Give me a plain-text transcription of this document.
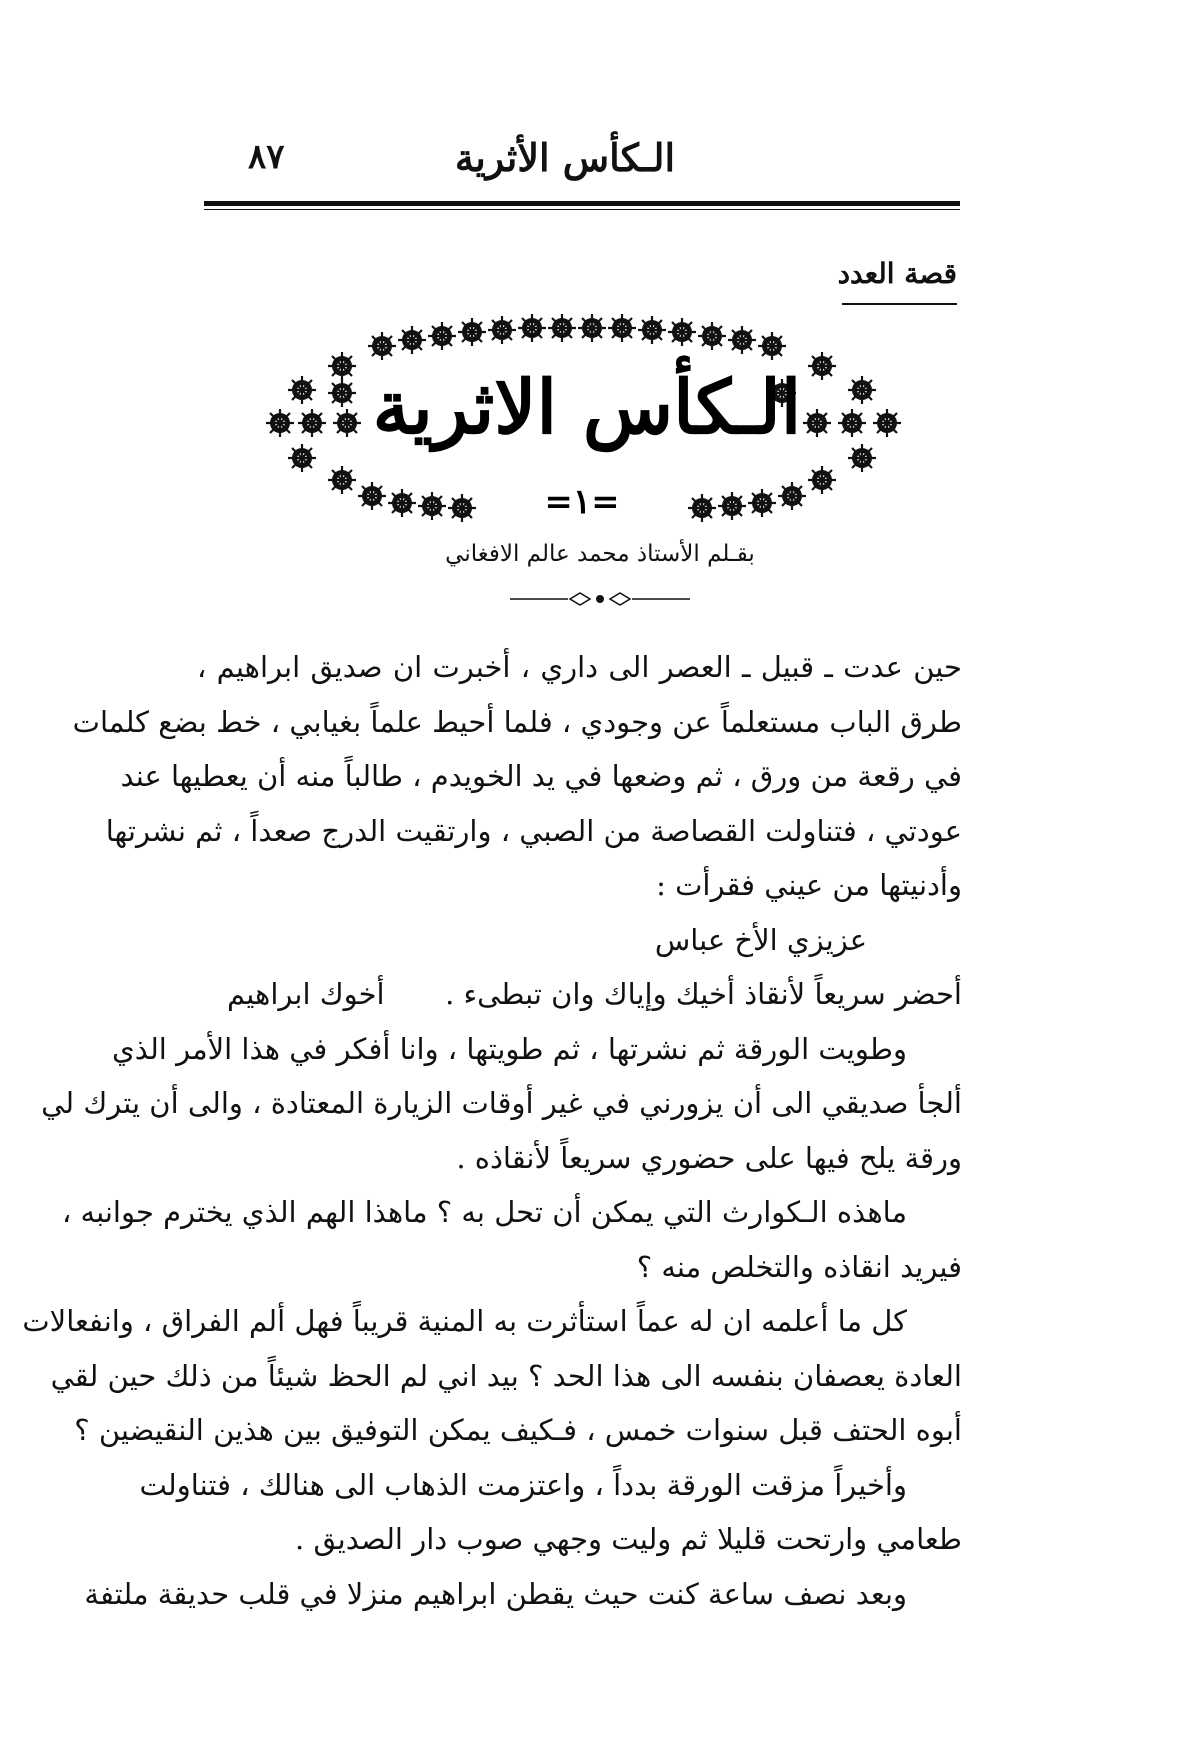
الـكأس الأثرية
٨٧
قصة العدد
الـكأس الاثرية
=١=
بقـلم الأستاذ محمد عالم الافغاني
حين عدت ـ قبيل ـ العصر الى داري ، أخبرت ان صديق ابراهيم ،
طرق الباب مستعلماً عن وجودي ، فلما أحيط علماً بغيابي ، خط بضع كلمات
في رقعة من ورق ، ثم وضعها في يد الخويدم ، طالباً منه أن يعطيها عند
عودتي ، فتناولت القصاصة من الصبي ، وارتقيت الدرج صعداً ، ثم نشرتها
وأدنيتها من عيني فقرأت :
عزيزي الأخ عباس
أحضر سريعاً لأنقاذ أخيك وإياك وان تبطىء .
أخوك ابراهيم
وطويت الورقة ثم نشرتها ، ثم طويتها ، وانا أفكر في هذا الأمر الذي
ألجأ صديقي الى أن يزورني في غير أوقات الزيارة المعتادة ، والى أن يترك لي
ورقة يلح فيها على حضوري سريعاً لأنقاذه .
ماهذه الـكوارث التي يمكن أن تحل به ؟ ماهذا الهم الذي يخترم جوانبه ،
فيريد انقاذه والتخلص منه ؟
كل ما أعلمه ان له عماً استأثرت به المنية قريباً فهل ألم الفراق ، وانفعالات
العادة يعصفان بنفسه الى هذا الحد ؟ بيد اني لم الحظ شيئاً من ذلك حين لقي
أبوه الحتف قبل سنوات خمس ، فـكيف يمكن التوفيق بين هذين النقيضين ؟
وأخيراً مزقت الورقة بدداً ، واعتزمت الذهاب الى هنالك ، فتناولت
طعامي وارتحت قليلا ثم وليت وجهي صوب دار الصديق .
وبعد نصف ساعة كنت حيث يقطن ابراهيم منزلا في قلب حديقة ملتفة
